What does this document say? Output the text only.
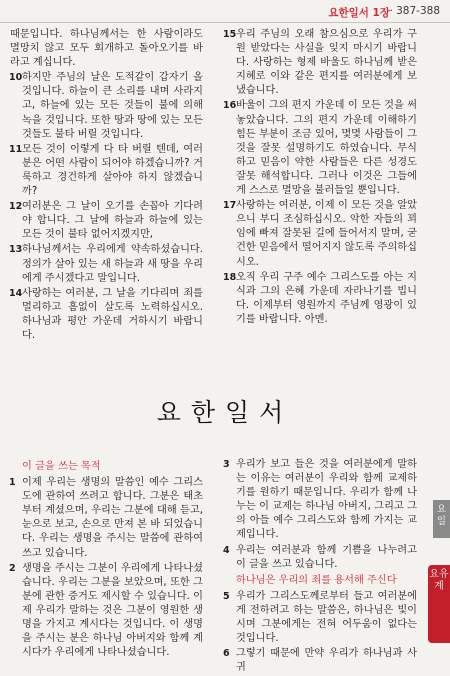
요한일서 1장 · 387-388
때문입니다. 하나님께서는 한 사람이라도 멸망치 않고 모두 회개하고 돌아오기를 바라고 계십니다.
10 하지만 주님의 날은 도적같이 갑자기 올 것입니다. 하늘이 큰 소리를 내며 사라지고, 하늘에 있는 모든 것들이 불에 의해 녹을 것입니다. 또한 땅과 땅에 있는 모든 것들도 불타 버릴 것입니다.
11 모든 것이 이렇게 다 타 버릴 텐데, 여러분은 어떤 사람이 되어야 하겠습니까? 거룩하고 경건하게 살아야 하지 않겠습니까?
12 여러분은 그 날이 오기를 손꼽아 기다려야 합니다. 그 날에 하늘과 하늘에 있는 모든 것이 불타 없어지겠지만,
13 하나님께서는 우리에게 약속하셨습니다. 정의가 살아 있는 새 하늘과 새 땅을 우리에게 주시겠다고 말입니다.
14 사랑하는 여러분, 그 날을 기다리며 죄를 멀리하고 흠없이 살도록 노력하십시오. 하나님과 평안 가운데 거하시기 바랍니다.
15 우리 주님의 오래 참으심으로 우리가 구원 받았다는 사실을 잊지 마시기 바랍니다. 사랑하는 형제 바울도 하나님께 받은 지혜로 이와 같은 편지를 여러분에게 보냈습니다.
16 바울이 그의 편지 가운데 이 모든 것을 써 놓았습니다. 그의 편지 가운데 이해하기 힘든 부분이 조금 있어, 몇몇 사람들이 그것을 잘못 설명하기도 하였습니다. 무식하고 믿음이 약한 사람들은 다른 성경도 잘못 해석합니다. 그러나 이것은 그들에게 스스로 멸망을 불러들일 뿐입니다.
17 사랑하는 여러분, 이제 이 모든 것을 알았으니 부디 조심하십시오. 악한 자들의 꾀임에 빠져 잘못된 길에 들어서지 말며, 굳건한 믿음에서 떨어지지 않도록 주의하십시오.
18 오직 우리 구주 예수 그리스도를 아는 지식과 그의 은혜 가운데 자라나기를 빕니다. 이제부터 영원까지 주님께 영광이 있기를 바랍니다. 아멘.
요한일서
이 글을 쓰는 목적
1 이제 우리는 생명의 말씀인 예수 그리스도에 관하여 쓰려고 합니다. 그분은 태초부터 계셨으며, 우리는 그분에 대해 듣고, 눈으로 보고, 손으로 만져 본 바 되었습니다. 우리는 생명을 주시는 말씀에 관하여 쓰고 있습니다.
2 생명을 주시는 그분이 우리에게 나타나셨습니다. 우리는 그분을 보았으며, 또한 그분에 관한 증거도 제시할 수 있습니다. 이제 우리가 말하는 것은 그분이 영원한 생명을 가지고 계시다는 것입니다. 이 생명을 주시는 분은 하나님 아버지와 함께 계시다가 우리에게 나타나셨습니다.
3 우리가 보고 들은 것을 여러분에게 말하는 이유는 여러분이 우리와 함께 교제하기를 원하기 때문입니다. 우리가 함께 나누는 이 교제는 하나님 아버지, 그리고 그의 아들 예수 그리스도와 함께 가지는 교제입니다.
4 우리는 여러분과 함께 기쁨을 나누려고 이 글을 쓰고 있습니다.
하나님은 우리의 죄를 용서해 주신다
5 우리가 그리스도께로부터 들고 여러분에게 전하려고 하는 말씀은, 하나님은 빛이시며 그분에게는 전혀 어두움이 없다는 것입니다.
6 그렇기 때문에 만약 우리가 하나님과 사귀
요일
요유계
